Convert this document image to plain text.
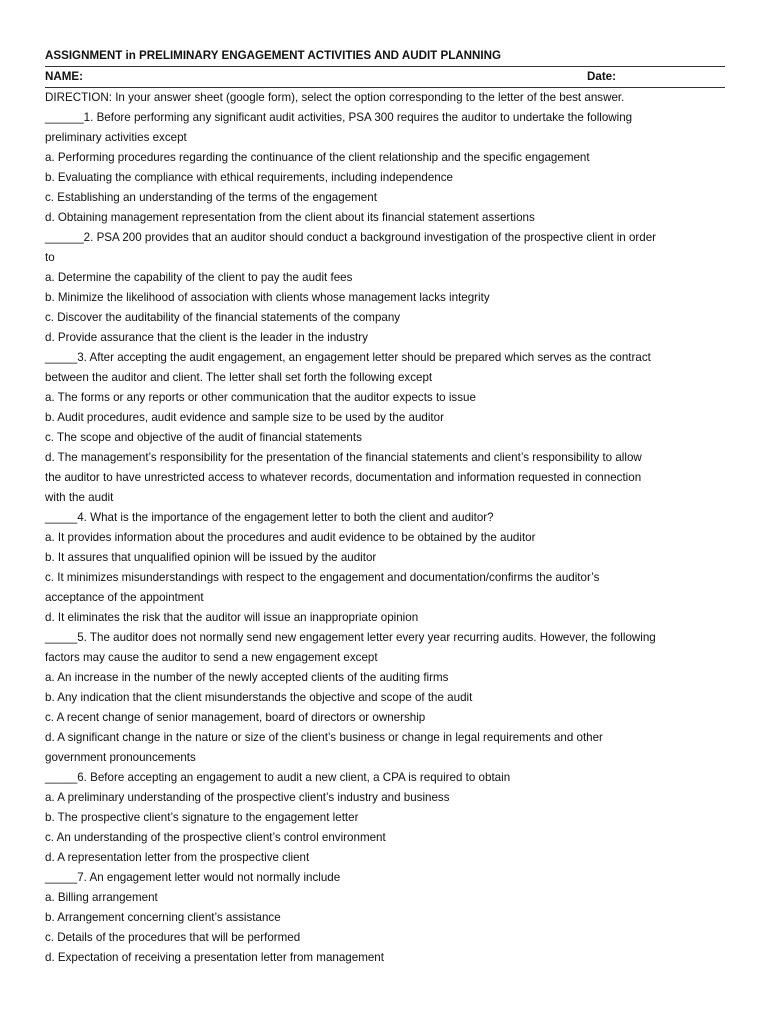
ASSIGNMENT in PRELIMINARY ENGAGEMENT ACTIVITIES AND AUDIT PLANNING
NAME:	Date:
DIRECTION: In your answer sheet (google form), select the option corresponding to the letter of the best answer.
______1. Before performing any significant audit activities, PSA 300 requires the auditor to undertake the following
preliminary activities except
a. Performing procedures regarding the continuance of the client relationship and the specific engagement
b. Evaluating the compliance with ethical requirements, including independence
c. Establishing an understanding of the terms of the engagement
d. Obtaining management representation from the client about its financial statement assertions
______2. PSA 200 provides that an auditor should conduct a background investigation of the prospective client in order
to
a. Determine the capability of the client to pay the audit fees
b. Minimize the likelihood of association with clients whose management lacks integrity
c. Discover the auditability of the financial statements of the company
d. Provide assurance that the client is the leader in the industry
_____3. After accepting the audit engagement, an engagement letter should be prepared which serves as the contract
between the auditor and client. The letter shall set forth the following except
a. The forms or any reports or other communication that the auditor expects to issue
b. Audit procedures, audit evidence and sample size to be used by the auditor
c. The scope and objective of the audit of financial statements
d. The management’s responsibility for the presentation of the financial statements and client’s responsibility to allow
the auditor to have unrestricted access to whatever records, documentation and information requested in connection
with the audit
_____4. What is the importance of the engagement letter to both the client and auditor?
a. It provides information about the procedures and audit evidence to be obtained by the auditor
b. It assures that unqualified opinion will be issued by the auditor
c. It minimizes misunderstandings with respect to the engagement and documentation/confirms the auditor’s
acceptance of the appointment
d. It eliminates the risk that the auditor will issue an inappropriate opinion
_____5. The auditor does not normally send new engagement letter every year recurring audits. However, the following
factors may cause the auditor to send a new engagement except
a. An increase in the number of the newly accepted clients of the auditing firms
b. Any indication that the client misunderstands the objective and scope of the audit
c. A recent change of senior management, board of directors or ownership
d. A significant change in the nature or size of the client’s business or change in legal requirements and other
government pronouncements
_____6. Before accepting an engagement to audit a new client, a CPA is required to obtain
a. A preliminary understanding of the prospective client’s industry and business
b. The prospective client’s signature to the engagement letter
c. An understanding of the prospective client’s control environment
d. A representation letter from the prospective client
_____7. An engagement letter would not normally include
a. Billing arrangement
b. Arrangement concerning client’s assistance
c. Details of the procedures that will be performed
d. Expectation of receiving a presentation letter from management
